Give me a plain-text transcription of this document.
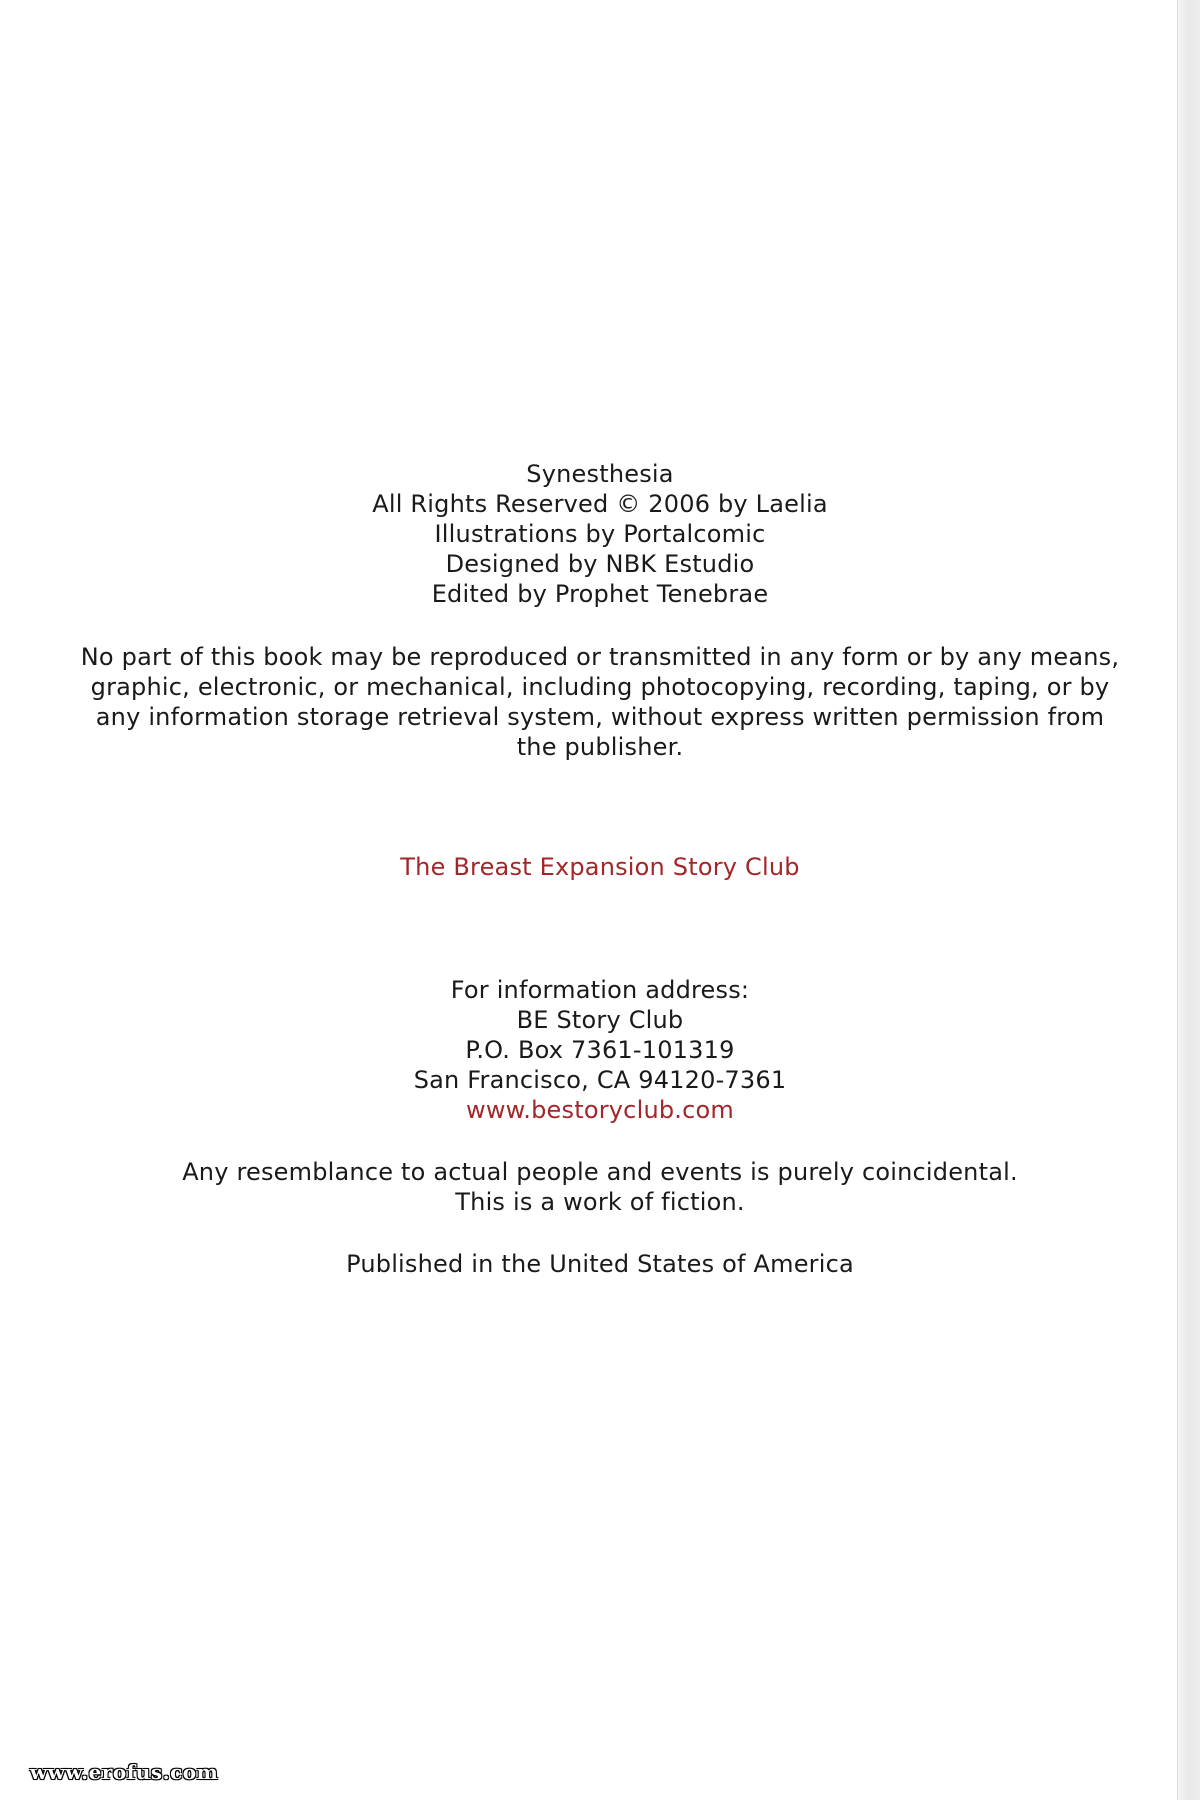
Synesthesia
All Rights Reserved © 2006 by Laelia
Illustrations by Portalcomic
Designed by NBK Estudio
Edited by Prophet Tenebrae
No part of this book may be reproduced or transmitted in any form or by any means,
graphic, electronic, or mechanical, including photocopying, recording, taping, or by
any information storage retrieval system, without express written permission from
the publisher.
The Breast Expansion Story Club
For information address:
BE Story Club
P.O. Box 7361-101319
San Francisco, CA 94120-7361
www.bestoryclub.com
Any resemblance to actual people and events is purely coincidental.
This is a work of fiction.
Published in the United States of America
www.erofus.com
